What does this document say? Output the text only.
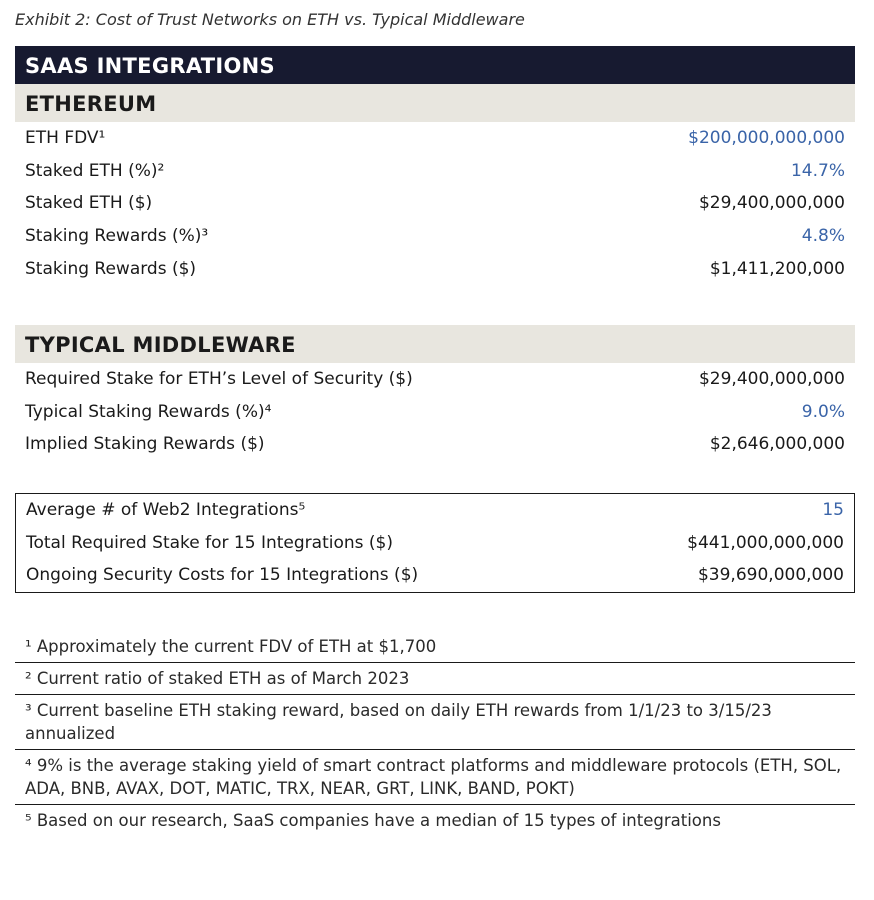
Exhibit 2: Cost of Trust Networks on ETH vs. Typical Middleware
SAAS INTEGRATIONS
ETHEREUM
ETH FDV¹	$200,000,000,000
Staked ETH (%)²	14.7%
Staked ETH ($)	$29,400,000,000
Staking Rewards (%)³	4.8%
Staking Rewards ($)	$1,411,200,000
TYPICAL MIDDLEWARE
Required Stake for ETH’s Level of Security ($)	$29,400,000,000
Typical Staking Rewards (%)⁴	9.0%
Implied Staking Rewards ($)	$2,646,000,000
Average # of Web2 Integrations⁵	15
Total Required Stake for 15 Integrations ($)	$441,000,000,000
Ongoing Security Costs for 15 Integrations ($)	$39,690,000,000
¹ Approximately the current FDV of ETH at $1,700
² Current ratio of staked ETH as of March 2023
³ Current baseline ETH staking reward, based on daily ETH rewards from 1/1/23 to 3/15/23 annualized
⁴ 9% is the average staking yield of smart contract platforms and middleware protocols (ETH, SOL, ADA, BNB, AVAX, DOT, MATIC, TRX, NEAR, GRT, LINK, BAND, POKT)
⁵ Based on our research, SaaS companies have a median of 15 types of integrations
